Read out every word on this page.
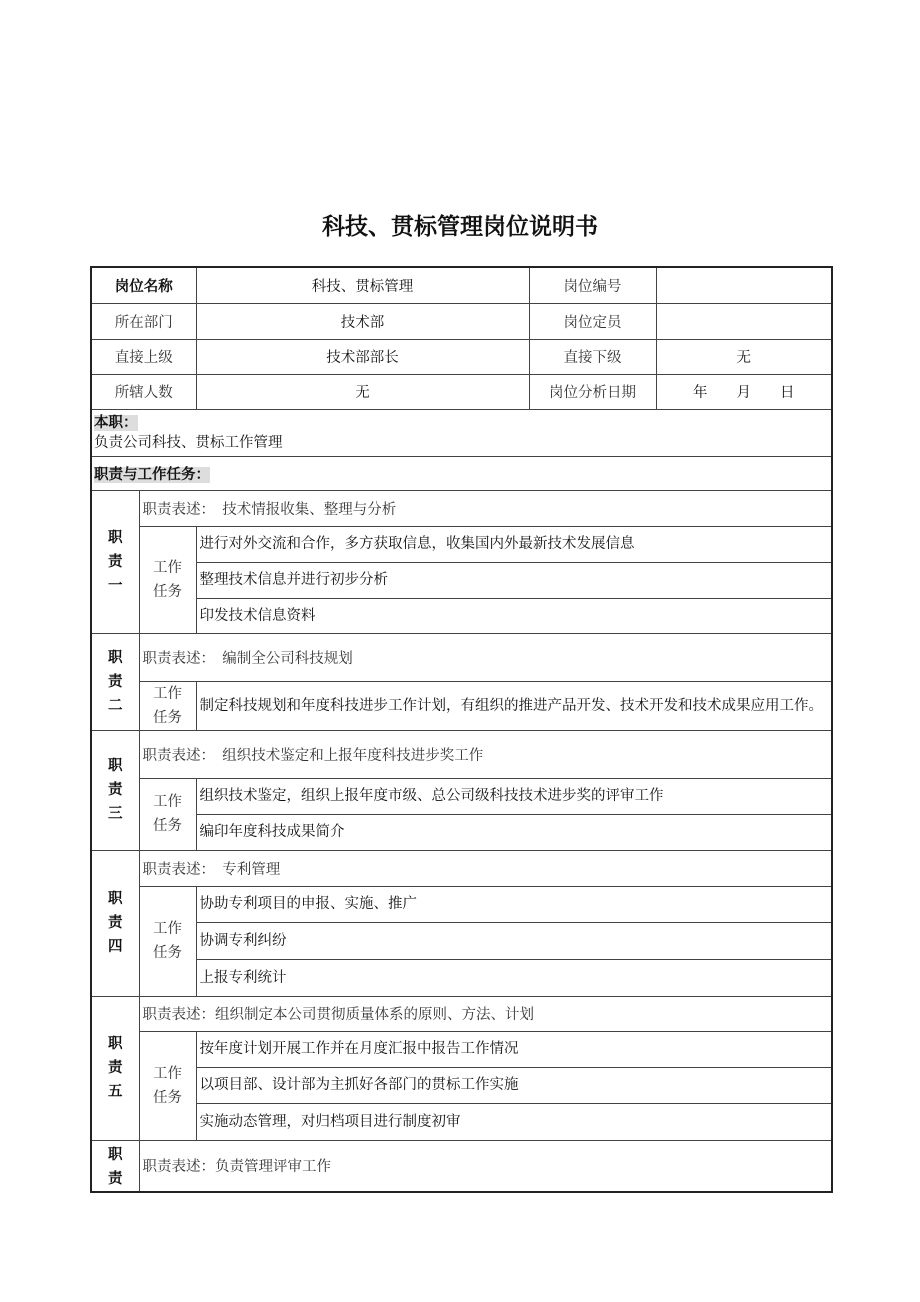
科技、贯标管理岗位说明书
岗位名称		科技、贯标管理	岗位编号	
所在部门		技术部	岗位定员	
直接上级		技术部部长	直接下级	无
所辖人数		无	岗位分析日期	年　　月　　日
本职：
负责公司科技、贯标工作管理				
职责与工作任务：				
职责一	职责表述：　技术情报收集、整理与分析			
	工作任务	进行对外交流和合作，多方获取信息，收集国内外最新技术发展信息		
		整理技术信息并进行初步分析		
		印发技术信息资料		
职责二	职责表述：　编制全公司科技规划			
	工作任务	制定科技规划和年度科技进步工作计划，有组织的推进产品开发、技术开发和技术成果应用工作。		
职责三	职责表述：　组织技术鉴定和上报年度科技进步奖工作			
	工作任务	组织技术鉴定，组织上报年度市级、总公司级科技技术进步奖的评审工作		
		编印年度科技成果简介		
职责四	职责表述：　专利管理			
	工作任务	协助专利项目的申报、实施、推广		
		协调专利纠纷		
		上报专利统计		
职责五	职责表述：组织制定本公司贯彻质量体系的原则、方法、计划			
	工作任务	按年度计划开展工作并在月度汇报中报告工作情况		
		以项目部、设计部为主抓好各部门的贯标工作实施		
		实施动态管理，对归档项目进行制度初审		
职责	职责表述：负责管理评审工作			
